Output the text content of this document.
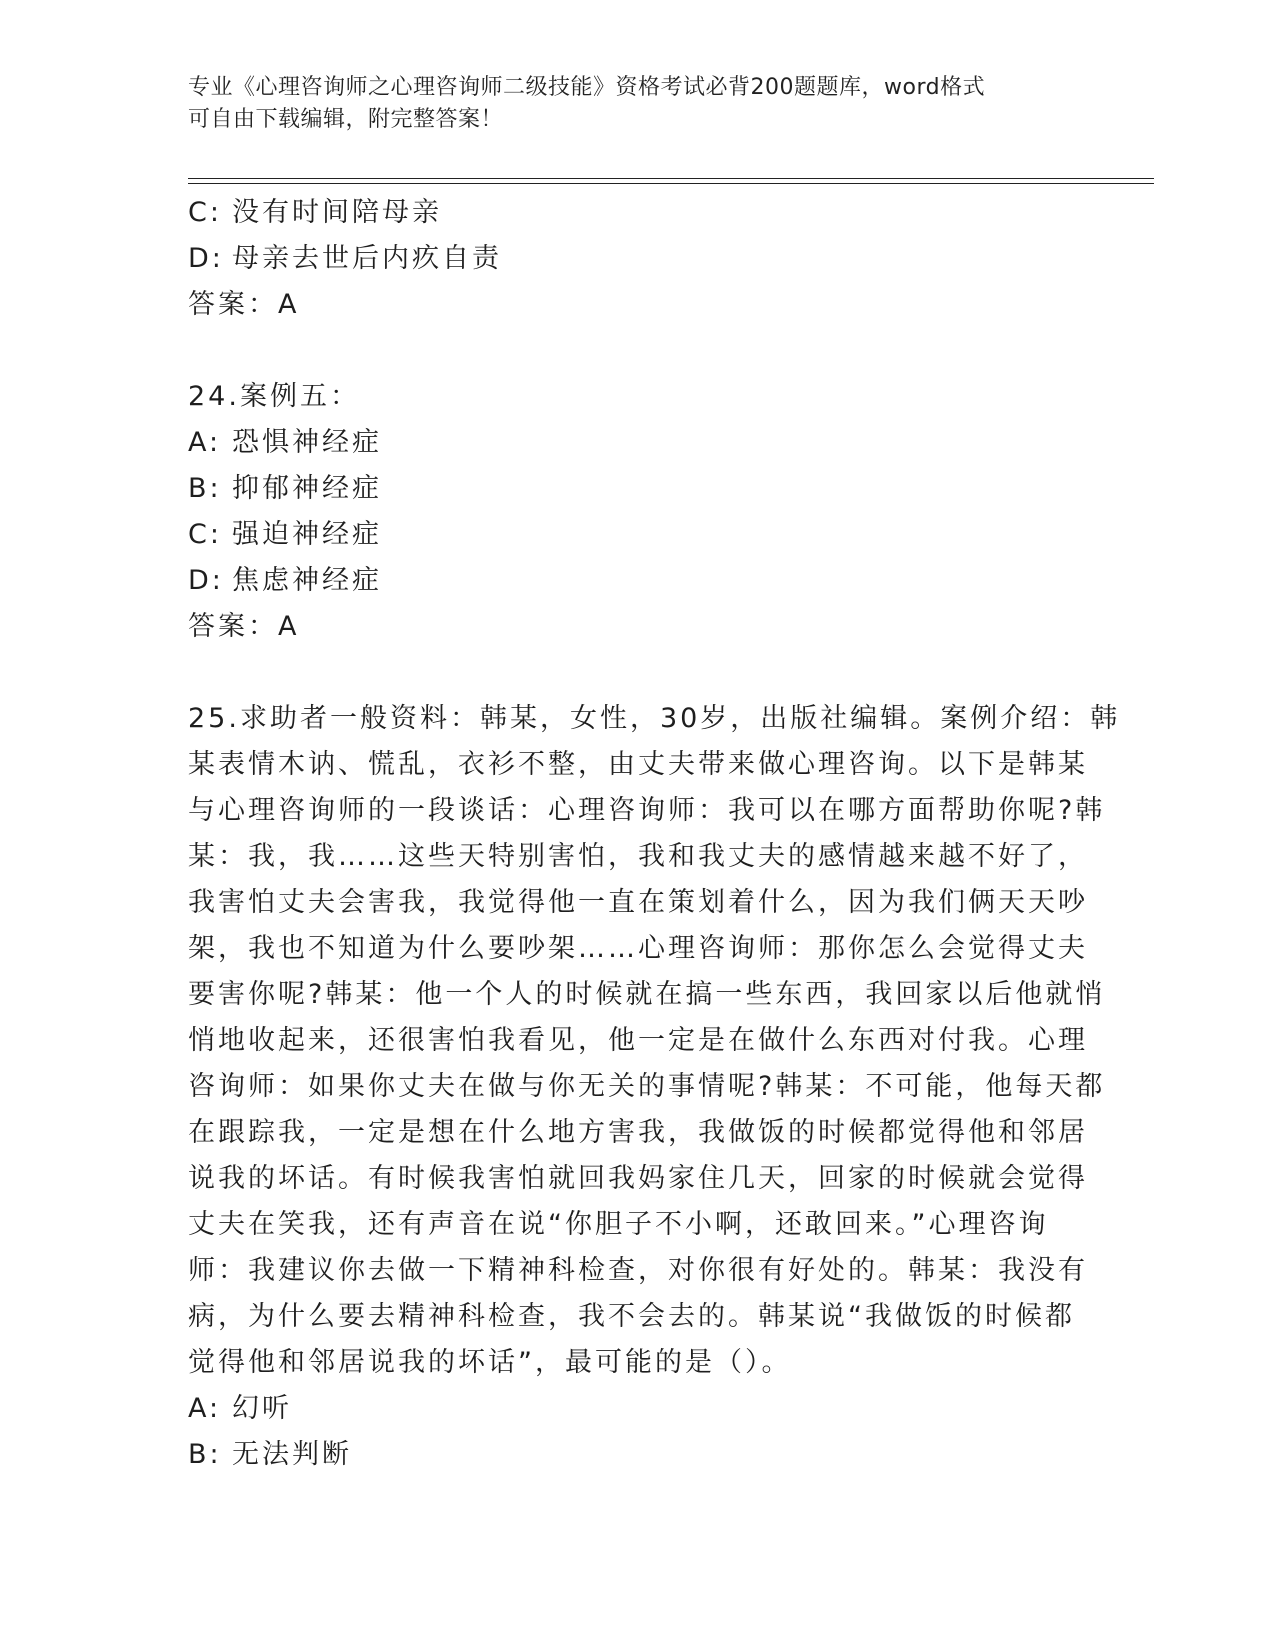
专业《心理咨询师之心理咨询师二级技能》资格考试必背200题题库，word格式
可自由下载编辑，附完整答案！
C: 没有时间陪母亲
D: 母亲去世后内疚自责
答案：A
24.案例五：
A: 恐惧神经症
B: 抑郁神经症
C: 强迫神经症
D: 焦虑神经症
答案：A
25.求助者一般资料：韩某，女性，30岁，出版社编辑。案例介绍：韩
某表情木讷、慌乱，衣衫不整，由丈夫带来做心理咨询。以下是韩某
与心理咨询师的一段谈话：心理咨询师：我可以在哪方面帮助你呢?韩
某：我，我……这些天特别害怕，我和我丈夫的感情越来越不好了，
我害怕丈夫会害我，我觉得他一直在策划着什么，因为我们俩天天吵
架，我也不知道为什么要吵架……心理咨询师：那你怎么会觉得丈夫
要害你呢?韩某：他一个人的时候就在搞一些东西，我回家以后他就悄
悄地收起来，还很害怕我看见，他一定是在做什么东西对付我。心理
咨询师：如果你丈夫在做与你无关的事情呢?韩某：不可能，他每天都
在跟踪我，一定是想在什么地方害我，我做饭的时候都觉得他和邻居
说我的坏话。有时候我害怕就回我妈家住几天，回家的时候就会觉得
丈夫在笑我，还有声音在说“你胆子不小啊，还敢回来。”心理咨询
师：我建议你去做一下精神科检查，对你很有好处的。韩某：我没有
病，为什么要去精神科检查，我不会去的。韩某说“我做饭的时候都
觉得他和邻居说我的坏话”，最可能的是（）。
A: 幻听
B: 无法判断
